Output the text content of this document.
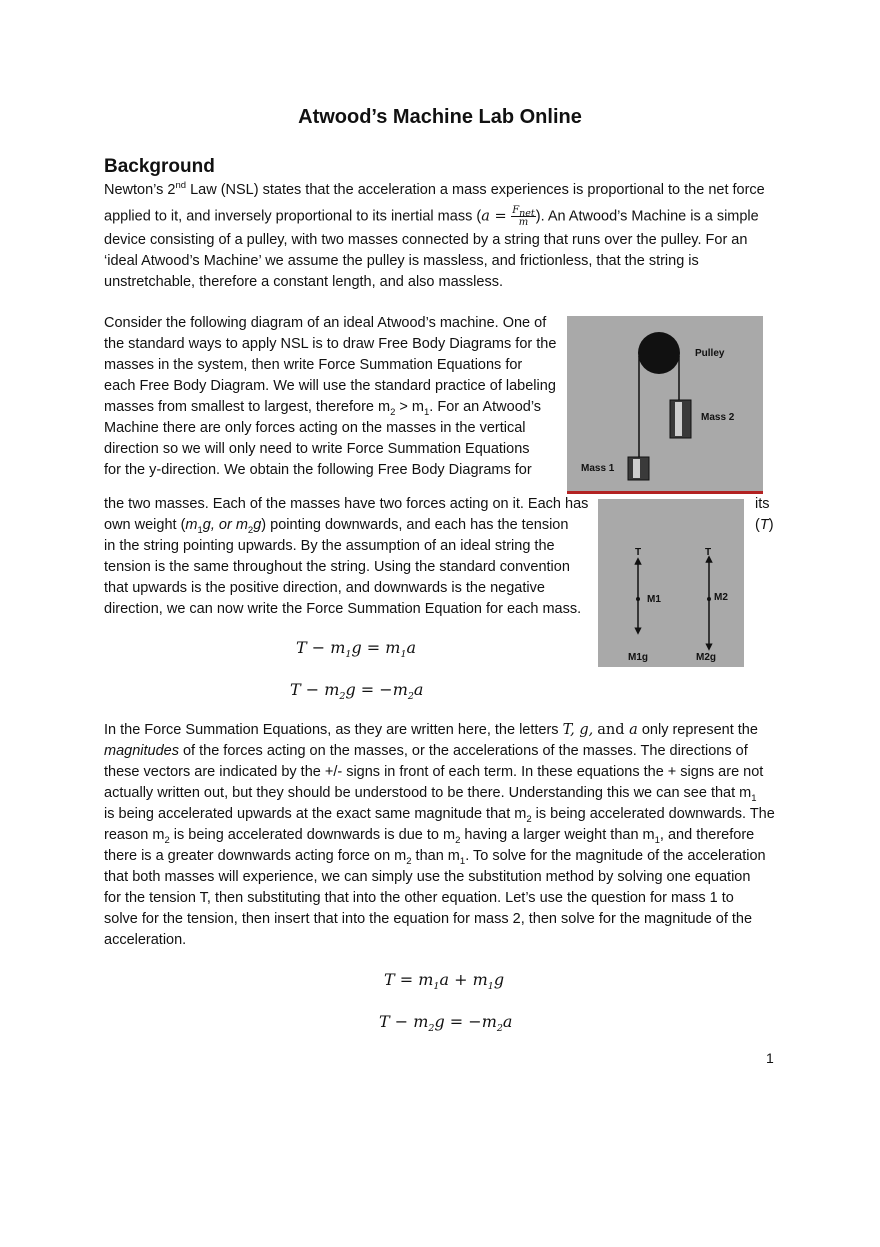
Atwood’s Machine Lab Online
Background
Newton’s 2nd Law (NSL) states that the acceleration a mass experiences is proportional to the net force
applied to it, and inversely proportional to its inertial mass ($a = \frac{F_{net}}{m}$ ). An Atwood’s Machine is a simple
device consisting of a pulley, with two masses connected by a string that runs over the pulley. For an
‘ideal Atwood’s Machine’ we assume the pulley is massless, and frictionless, that the string is
unstretchable, therefore a constant length, and also massless.
Consider the following diagram of an ideal Atwood’s machine. One of
the standard ways to apply NSL is to draw Free Body Diagrams for the
masses in the system, then write Force Summation Equations for
each Free Body Diagram. We will use the standard practice of labeling
masses from smallest to largest, therefore $m_2 > m_1$. For an Atwood’s
Machine there are only forces acting on the masses in the vertical
direction so we will only need to write Force Summation Equations
for the y-direction. We obtain the following Free Body Diagrams for
the two masses. Each of the masses have two forces acting on it. Each has	its
own weight ($m_1g$, or $m_2g$) pointing downwards, and each has the tension	(T)
in the string pointing upwards. By the assumption of an ideal string the
tension is the same throughout the string. Using the standard convention
that upwards is the positive direction, and downwards is the negative
direction, we can now write the Force Summation Equation for each mass.
Pulley
Mass 2
Mass 1
T	T
M1	M2
M1g	M2g
$T - m_1g = m_1a$
$T - m_2g = -m_2a$
In the Force Summation Equations, as they are written here, the letters T, g, and a only represent the
magnitudes of the forces acting on the masses, or the accelerations of the masses. The directions of
these vectors are indicated by the +/- signs in front of each term. In these equations the + signs are not
actually written out, but they should be understood to be there. Understanding this we can see that $m_1$
is being accelerated upwards at the exact same magnitude that $m_2$ is being accelerated downwards. The
reason $m_2$ is being accelerated downwards is due to $m_2$ having a larger weight than $m_1$, and therefore
there is a greater downwards acting force on $m_2$ than $m_1$. To solve for the magnitude of the acceleration
that both masses will experience, we can simply use the substitution method by solving one equation
for the tension T, then substituting that into the other equation. Let’s use the question for mass 1 to
solve for the tension, then insert that into the equation for mass 2, then solve for the magnitude of the
acceleration.
$T = m_1a + m_1g$
$T - m_2g = -m_2a$
1
